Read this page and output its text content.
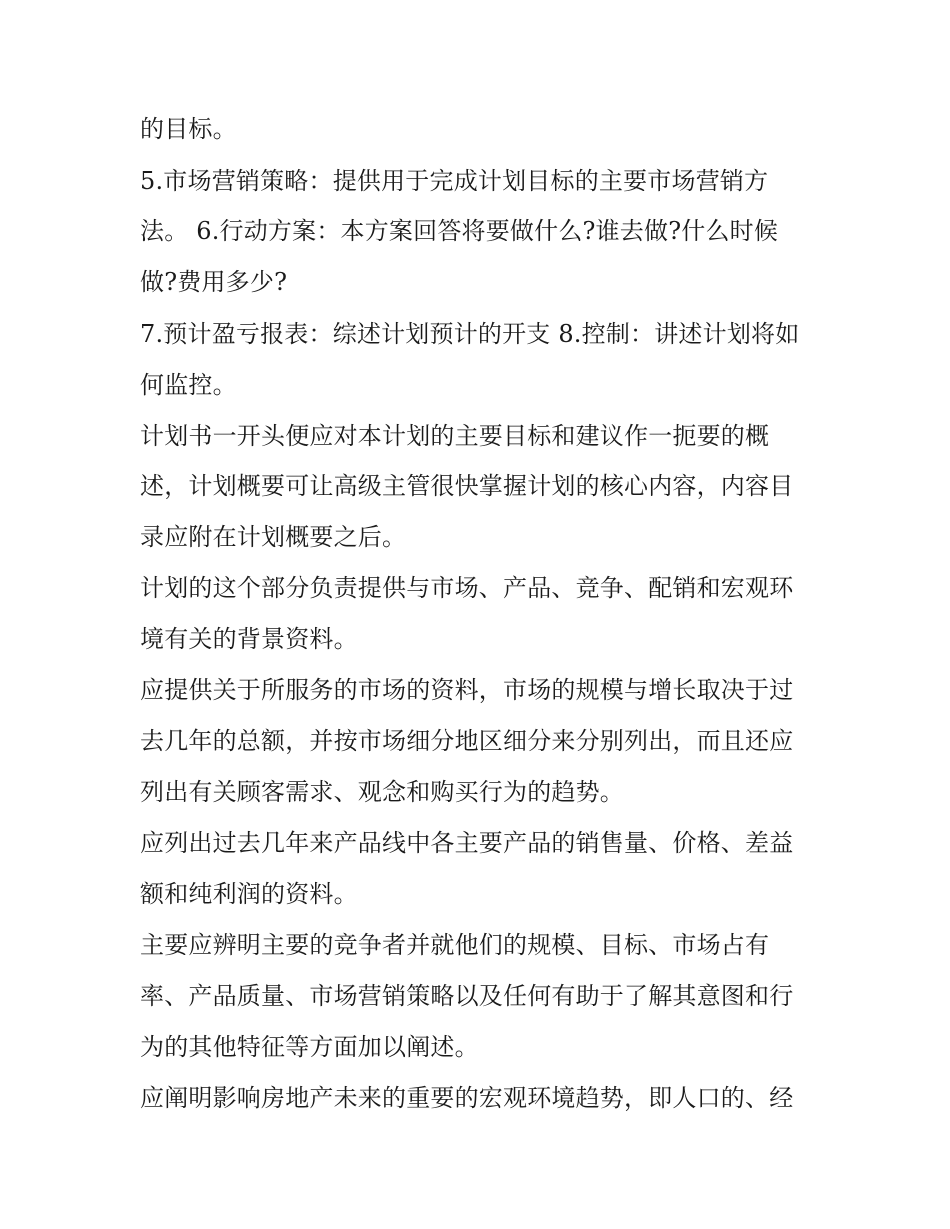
的目标。
5.市场营销策略：提供用于完成计划目标的主要市场营销方
法。 6.行动方案：本方案回答将要做什么?谁去做?什么时候
做?费用多少?
7.预计盈亏报表：综述计划预计的开支 8.控制：讲述计划将如
何监控。
计划书一开头便应对本计划的主要目标和建议作一扼要的概
述，计划概要可让高级主管很快掌握计划的核心内容，内容目
录应附在计划概要之后。
计划的这个部分负责提供与市场、产品、竞争、配销和宏观环
境有关的背景资料。
应提供关于所服务的市场的资料，市场的规模与增长取决于过
去几年的总额，并按市场细分地区细分来分别列出，而且还应
列出有关顾客需求、观念和购买行为的趋势。
应列出过去几年来产品线中各主要产品的销售量、价格、差益
额和纯利润的资料。
主要应辨明主要的竞争者并就他们的规模、目标、市场占有
率、产品质量、市场营销策略以及任何有助于了解其意图和行
为的其他特征等方面加以阐述。
应阐明影响房地产未来的重要的宏观环境趋势，即人口的、经
